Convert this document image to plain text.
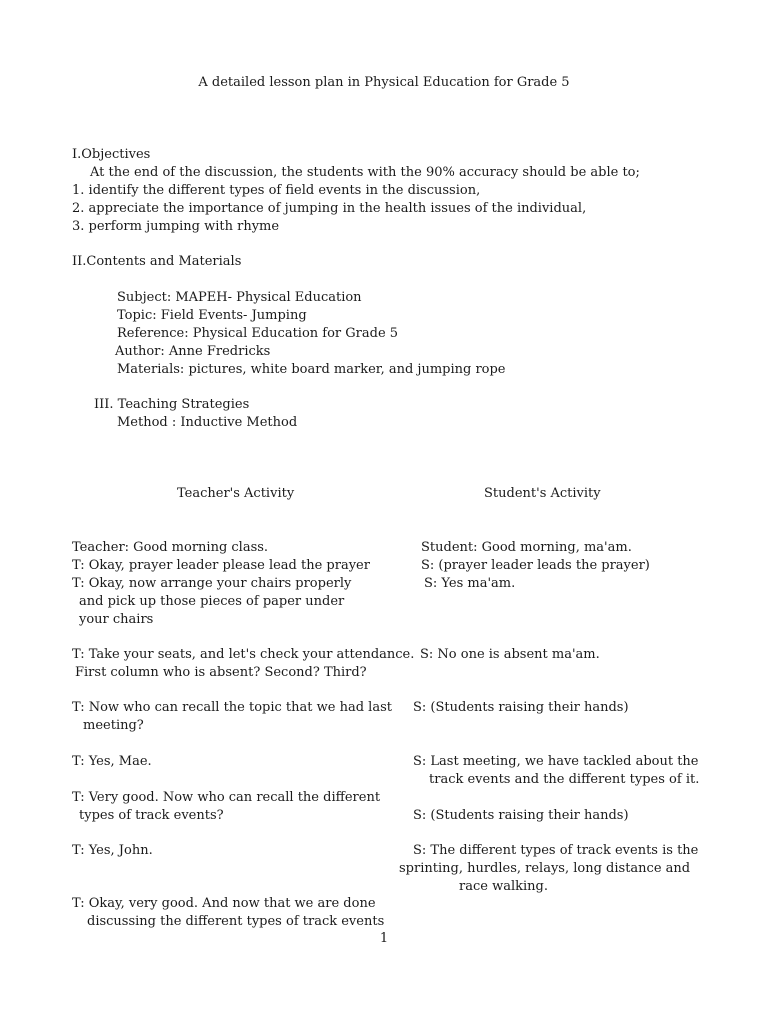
A detailed lesson plan in Physical Education for Grade 5
I.Objectives
At the end of the discussion, the students with the 90% accuracy should be able to;
1. identify the different types of field events in the discussion,
2. appreciate the importance of jumping in the health issues of the individual,
3. perform jumping with rhyme
II.Contents and Materials
Subject: MAPEH- Physical Education
Topic: Field Events- Jumping
Reference: Physical Education for Grade 5
Author: Anne Fredricks
Materials: pictures, white board marker, and jumping rope
III. Teaching Strategies
Method : Inductive Method
Teacher's Activity	Student's Activity
Teacher: Good morning class.
T: Okay, prayer leader please lead the prayer
T: Okay, now arrange your chairs properly
and pick up those pieces of paper under
your chairs
T: Take your seats, and let's check your attendance.
First column who is absent? Second? Third?
T: Now who can recall the topic that we had last
meeting?
T: Yes, Mae.
T: Very good. Now who can recall the different
types of track events?
T: Yes, John.
T: Okay, very good. And now that we are done
discussing the different types of track events
Student: Good morning, ma'am.
S: (prayer leader leads the prayer)
S: Yes ma'am.
S: No one is absent ma'am.
S: (Students raising their hands)
S: Last meeting, we have tackled about the
track events and the different types of it.
S: (Students raising their hands)
S: The different types of track events is the
sprinting, hurdles, relays, long distance and
race walking.
1
